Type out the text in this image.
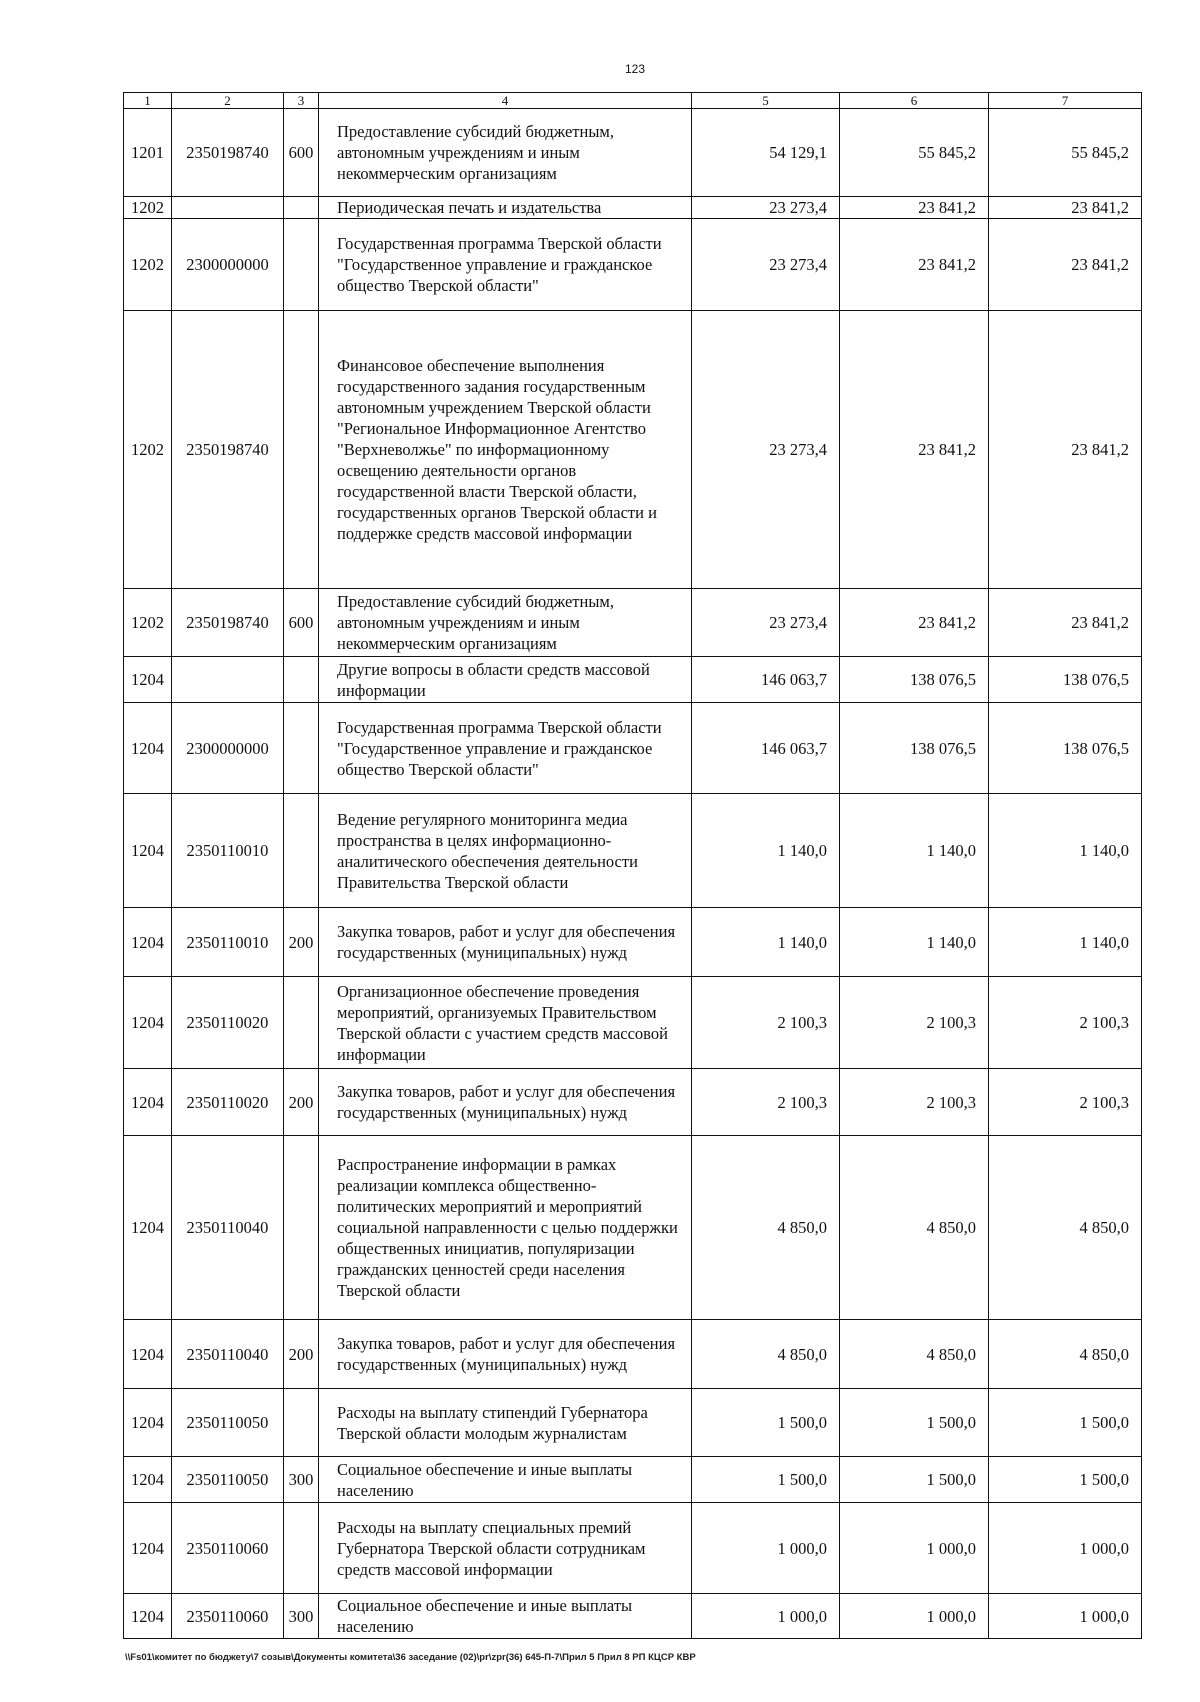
123
1	2	3	4	5	6	7
1201	2350198740	600	Предоставление субсидий бюджетным, автономным учреждениям и иным некоммерческим организациям	54 129,1	55 845,2	55 845,2
1202			Периодическая печать и издательства	23 273,4	23 841,2	23 841,2
1202	2300000000		Государственная программа Тверской области "Государственное управление и гражданское общество Тверской области"	23 273,4	23 841,2	23 841,2
1202	2350198740		Финансовое обеспечение выполнения государственного задания государственным автономным учреждением Тверской области "Региональное Информационное Агентство "Верхневолжье" по информационному освещению деятельности органов государственной власти Тверской области, государственных органов Тверской области и поддержке средств массовой информации	23 273,4	23 841,2	23 841,2
1202	2350198740	600	Предоставление субсидий бюджетным, автономным учреждениям и иным некоммерческим организациям	23 273,4	23 841,2	23 841,2
1204			Другие вопросы в области средств массовой информации	146 063,7	138 076,5	138 076,5
1204	2300000000		Государственная программа Тверской области "Государственное управление и гражданское общество Тверской области"	146 063,7	138 076,5	138 076,5
1204	2350110010		Ведение регулярного мониторинга медиа пространства в целях информационно-аналитического обеспечения деятельности Правительства Тверской области	1 140,0	1 140,0	1 140,0
1204	2350110010	200	Закупка товаров, работ и услуг для обеспечения государственных (муниципальных) нужд	1 140,0	1 140,0	1 140,0
1204	2350110020		Организационное обеспечение проведения мероприятий, организуемых Правительством Тверской области с участием средств массовой информации	2 100,3	2 100,3	2 100,3
1204	2350110020	200	Закупка товаров, работ и услуг для обеспечения государственных (муниципальных) нужд	2 100,3	2 100,3	2 100,3
1204	2350110040		Распространение информации в рамках реализации комплекса общественно-политических мероприятий и мероприятий социальной направленности с целью поддержки общественных инициатив, популяризации гражданских ценностей среди населения Тверской области	4 850,0	4 850,0	4 850,0
1204	2350110040	200	Закупка товаров, работ и услуг для обеспечения государственных (муниципальных) нужд	4 850,0	4 850,0	4 850,0
1204	2350110050		Расходы на выплату стипендий Губернатора Тверской области молодым журналистам	1 500,0	1 500,0	1 500,0
1204	2350110050	300	Социальное обеспечение и иные выплаты населению	1 500,0	1 500,0	1 500,0
1204	2350110060		Расходы на выплату специальных премий Губернатора Тверской области сотрудникам средств массовой информации	1 000,0	1 000,0	1 000,0
1204	2350110060	300	Социальное обеспечение и иные выплаты населению	1 000,0	1 000,0	1 000,0
\\Fs01\комитет по бюджету\7 созыв\Документы комитета\36 заседание (02)\pr\zpr(36) 645-П-7\Прил 5 Прил 8 РП КЦСР КВР
